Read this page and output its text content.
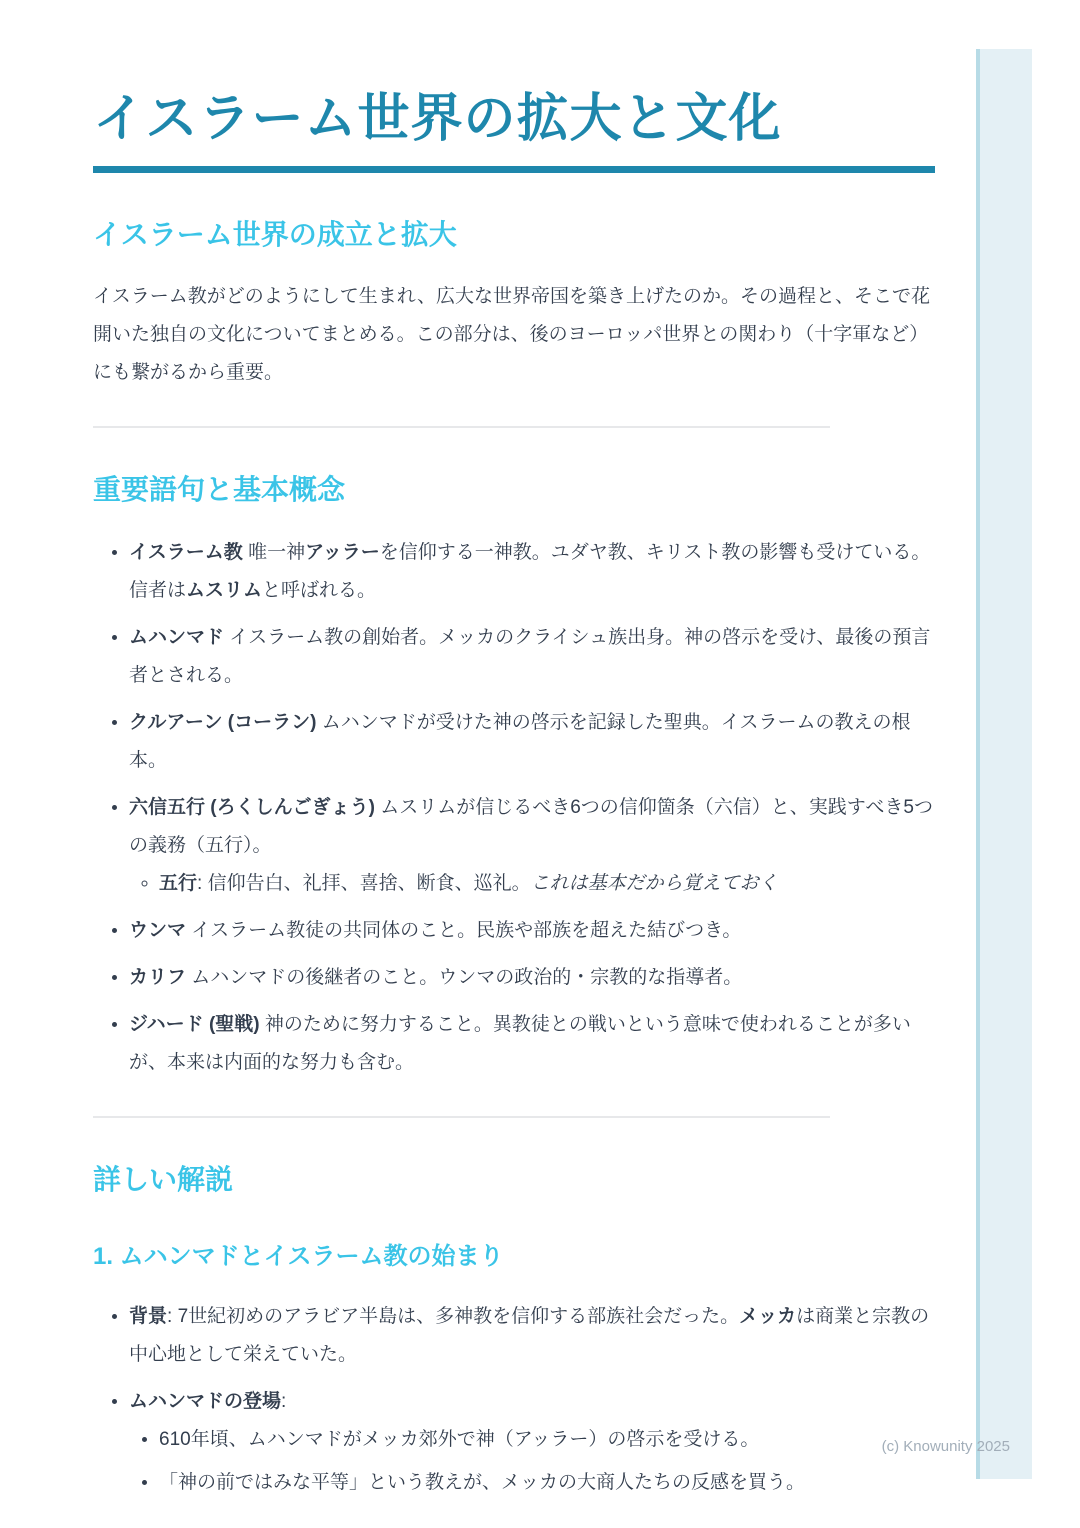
イスラーム世界の拡大と文化
イスラーム世界の成立と拡大

イスラーム教がどのようにして生まれ、広大な世界帝国を築き上げたのか。その過程と、そこで花開いた独自の文化についてまとめる。この部分は、後のヨーロッパ世界との関わり（十字軍など）にも繋がるから重要。

重要語句と基本概念
• イスラーム教 唯一神アッラーを信仰する一神教。ユダヤ教、キリスト教の影響も受けている。信者はムスリムと呼ばれる。
• ムハンマド イスラーム教の創始者。メッカのクライシュ族出身。神の啓示を受け、最後の預言者とされる。
• クルアーン (コーラン) ムハンマドが受けた神の啓示を記録した聖典。イスラームの教えの根本。
• 六信五行 (ろくしんごぎょう) ムスリムが信じるべき6つの信仰箇条（六信）と、実践すべき5つの義務（五行）。
◦ 五行: 信仰告白、礼拝、喜捨、断食、巡礼。これは基本だから覚えておく
• ウンマ イスラーム教徒の共同体のこと。民族や部族を超えた結びつき。
• カリフ ムハンマドの後継者のこと。ウンマの政治的・宗教的な指導者。
• ジハード (聖戦) 神のために努力すること。異教徒との戦いという意味で使われることが多いが、本来は内面的な努力も含む。
詳しい解説
1. ムハンマドとイスラーム教の始まり
• 背景: 7世紀初めのアラビア半島は、多神教を信仰する部族社会だった。メッカは商業と宗教の中心地として栄えていた。
• ムハンマドの登場:
• 610年頃、ムハンマドがメッカ郊外で神（アッラー）の啓示を受ける。
• 「神の前ではみな平等」という教えが、メッカの大商人たちの反感を買う。
(c) Knowunity 2025
